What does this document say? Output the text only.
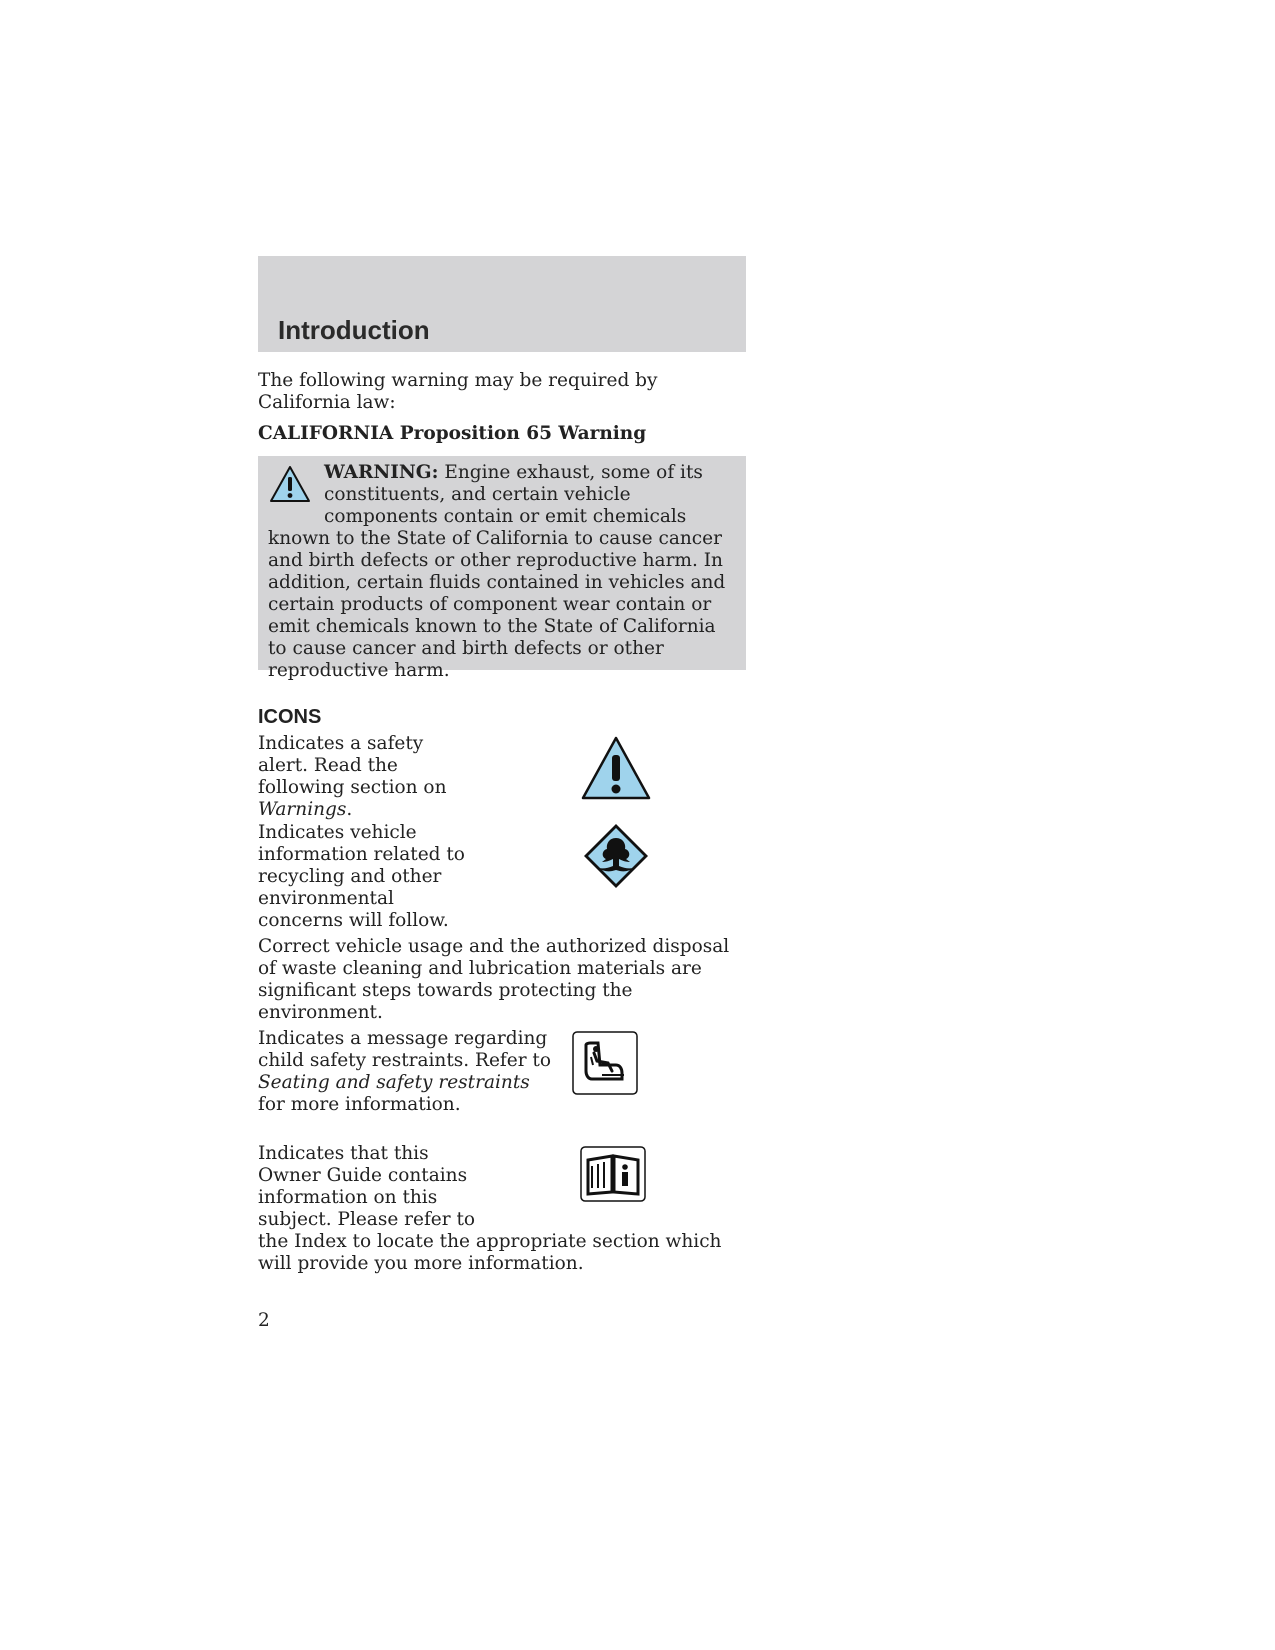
Introduction
The following warning may be required by California law:
CALIFORNIA Proposition 65 Warning
WARNING: Engine exhaust, some of its constituents, and certain vehicle components contain or emit chemicals known to the State of California to cause cancer and birth defects or other reproductive harm. In addition, certain fluids contained in vehicles and certain products of component wear contain or emit chemicals known to the State of California to cause cancer and birth defects or other reproductive harm.
ICONS
Indicates a safety alert. Read the following section on Warnings.
Indicates vehicle information related to recycling and other environmental concerns will follow.
Correct vehicle usage and the authorized disposal of waste cleaning and lubrication materials are significant steps towards protecting the environment.
Indicates a message regarding child safety restraints. Refer to Seating and safety restraints for more information.
Indicates that this Owner Guide contains information on this subject. Please refer to the Index to locate the appropriate section which will provide you more information.
2
